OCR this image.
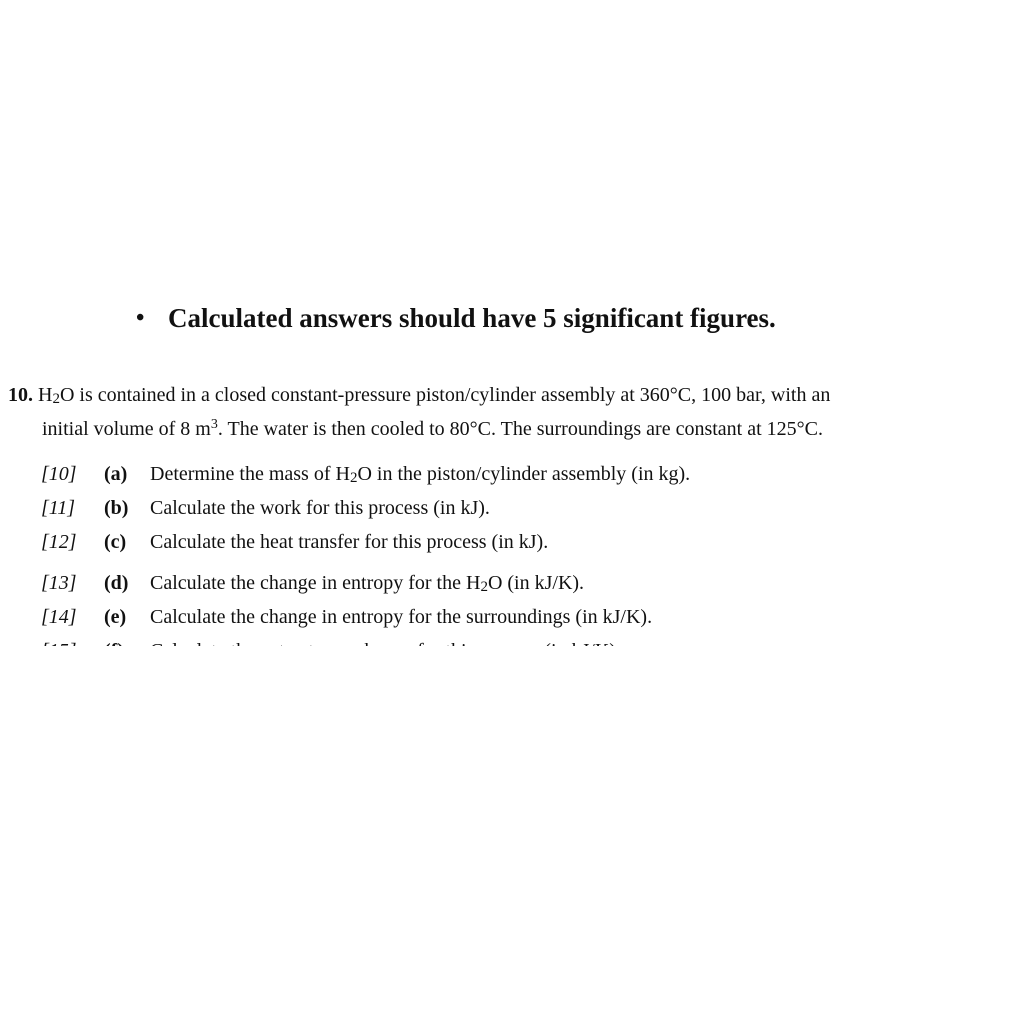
• Calculated answers should have 5 significant figures.
10. $H_2O$ is contained in a closed constant-pressure piston/cylinder assembly at 360°C, 100 bar, with an
initial volume of 8 $m^3$. The water is then cooled to 80°C. The surroundings are constant at 125°C.
[10] (a) Determine the mass of $H_2O$ in the piston/cylinder assembly (in kg).
[11] (b) Calculate the work for this process (in kJ).
[12] (c) Calculate the heat transfer for this process (in kJ).
[13] (d) Calculate the change in entropy for the $H_2O$ (in kJ/K).
[14] (e) Calculate the change in entropy for the surroundings (in kJ/K).
